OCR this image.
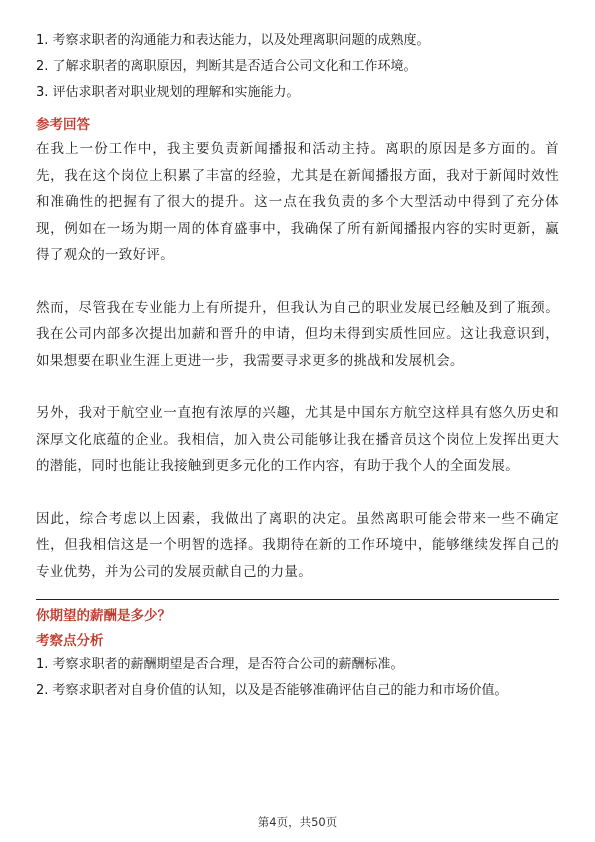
1. 考察求职者的沟通能力和表达能力，以及处理离职问题的成熟度。
2. 了解求职者的离职原因，判断其是否适合公司文化和工作环境。
3. 评估求职者对职业规划的理解和实施能力。
参考回答

在我上一份工作中，我主要负责新闻播报和活动主持。离职的原因是多方面的。首先，我在这个岗位上积累了丰富的经验，尤其是在新闻播报方面，我对于新闻时效性和准确性的把握有了很大的提升。这一点在我负责的多个大型活动中得到了充分体现，例如在一场为期一周的体育盛事中，我确保了所有新闻播报内容的实时更新，赢得了观众的一致好评。

然而，尽管我在专业能力上有所提升，但我认为自己的职业发展已经触及到了瓶颈。我在公司内部多次提出加薪和晋升的申请，但均未得到实质性回应。这让我意识到，如果想要在职业生涯上更进一步，我需要寻求更多的挑战和发展机会。

另外，我对于航空业一直抱有浓厚的兴趣，尤其是中国东方航空这样具有悠久历史和深厚文化底蕴的企业。我相信，加入贵公司能够让我在播音员这个岗位上发挥出更大的潜能，同时也能让我接触到更多元化的工作内容，有助于我个人的全面发展。

因此，综合考虑以上因素，我做出了离职的决定。虽然离职可能会带来一些不确定性，但我相信这是一个明智的选择。我期待在新的工作环境中，能够继续发挥自己的专业优势，并为公司的发展贡献自己的力量。

你期望的薪酬是多少？
考察点分析
1. 考察求职者的薪酬期望是否合理，是否符合公司的薪酬标准。
2. 考察求职者对自身价值的认知，以及是否能够准确评估自己的能力和市场价值。
第4页，共50页
